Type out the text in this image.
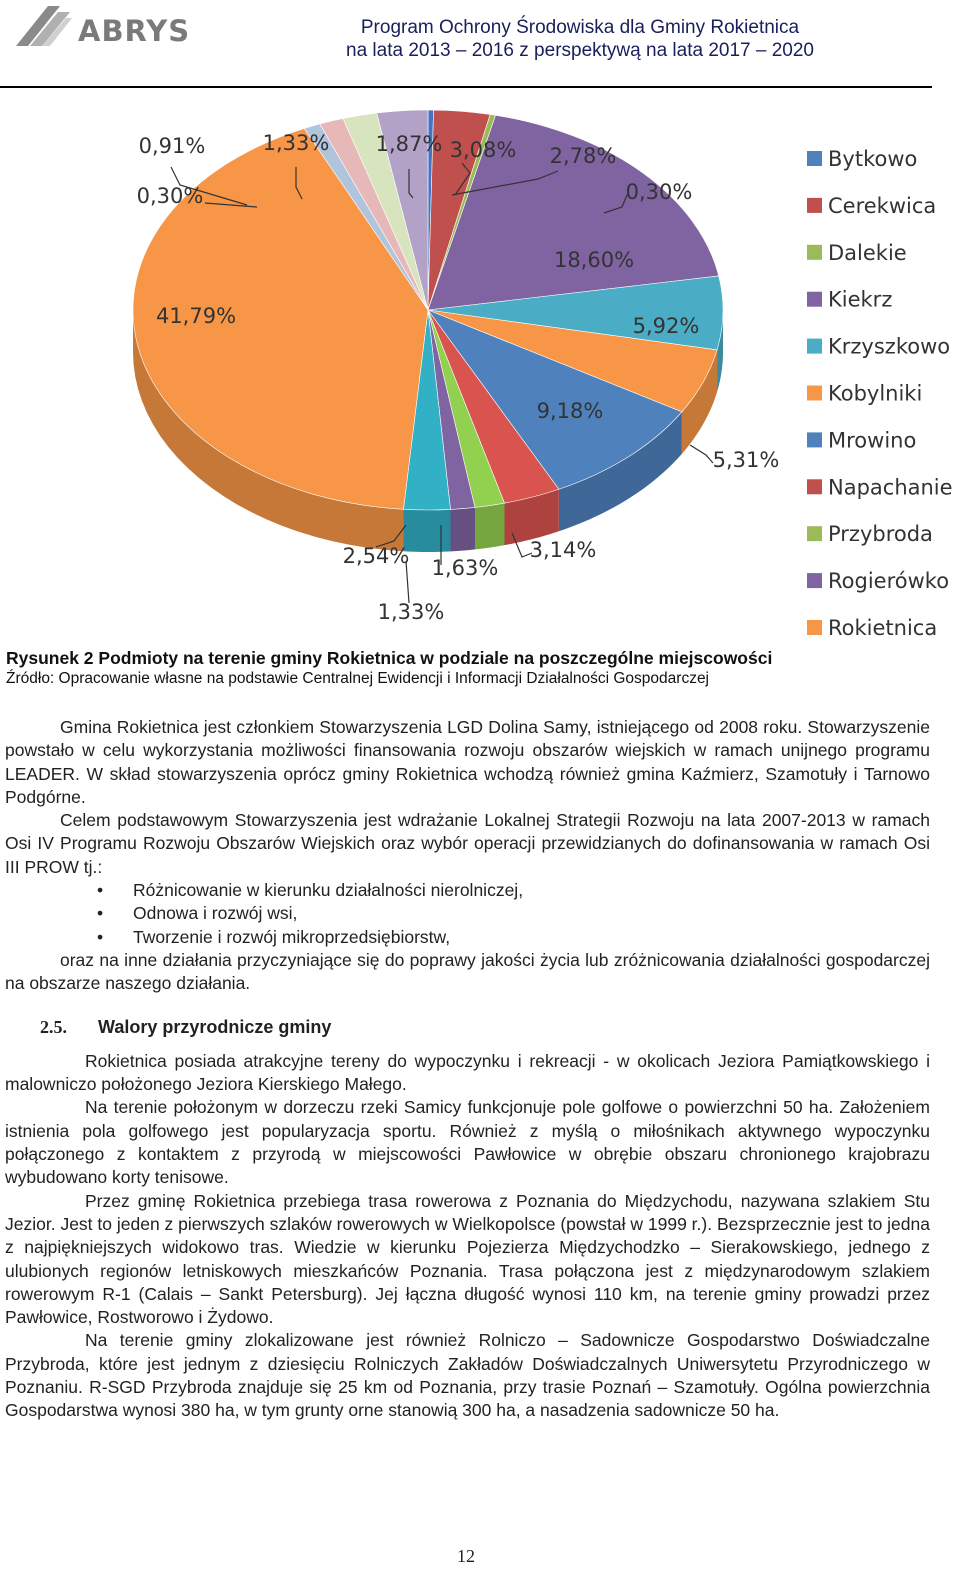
ABRYS	Program Ochrony Środowiska dla Gminy Rokietnica
na lata 2013 – 2016 z perspektywą na lata 2017 – 2020
0,30%
3,08%
0,30%
18,60%
5,92%
5,31%
9,18%
3,14%
1,63%
1,33%
2,54%
41,79%
0,91%	1,33% 1,87%	2,78%	Bytkowo
Cerekwica
Dalekie
Kiekrz
Krzyszkowo
Kobylniki
Mrowino
Napachanie
Przybroda
Rogierówko
Rokietnica
Rysunek 2 Podmioty na terenie gminy Rokietnica w podziale na poszczególne miejscowości
Źródło: Opracowanie własne na podstawie Centralnej Ewidencji i Informacji Działalności Gospodarczej

Gmina Rokietnica jest członkiem Stowarzyszenia LGD Dolina Samy, istniejącego od 2008 roku. Stowarzyszenie powstało w celu wykorzystania możliwości finansowania rozwoju obszarów wiejskich w ramach unijnego programu LEADER. W skład stowarzyszenia oprócz gminy Rokietnica wchodzą również gmina Kaźmierz, Szamotuły i Tarnowo Podgórne.

Celem podstawowym Stowarzyszenia jest wdrażanie Lokalnej Strategii Rozwoju na lata 2007-2013 w ramach Osi IV Programu Rozwoju Obszarów Wiejskich oraz wybór operacji przewidzianych do dofinansowania w ramach Osi III PROW tj.:

• Różnicowanie w kierunku działalności nierolniczej,
• Odnowa i rozwój wsi,
• Tworzenie i rozwój mikroprzedsiębiorstw,

oraz na inne działania przyczyniające się do poprawy jakości życia lub zróżnicowania działalności gospodarczej na obszarze naszego działania.

2.5. Walory przyrodnicze gminy

Rokietnica posiada atrakcyjne tereny do wypoczynku i rekreacji - w okolicach Jeziora Pamiątkowskiego i malowniczo położonego Jeziora Kierskiego Małego.

Na terenie położonym w dorzeczu rzeki Samicy funkcjonuje pole golfowe o powierzchni 50 ha. Założeniem istnienia pola golfowego jest popularyzacja sportu. Również z myślą o miłośnikach aktywnego wypoczynku połączonego z kontaktem z przyrodą w miejscowości Pawłowice w obrębie obszaru chronionego krajobrazu wybudowano korty tenisowe.

Przez gminę Rokietnica przebiega trasa rowerowa z Poznania do Międzychodu, nazywana szlakiem Stu Jezior. Jest to jeden z pierwszych szlaków rowerowych w Wielkopolsce (powstał w 1999 r.). Bezsprzecznie jest to jedna z najpiękniejszych widokowo tras. Wiedzie w kierunku Pojezierza Międzychodzko – Sierakowskiego, jednego z ulubionych regionów letniskowych mieszkańców Poznania. Trasa połączona jest z międzynarodowym szlakiem rowerowym R-1 (Calais – Sankt Petersburg). Jej łączna długość wynosi 110 km, na terenie gminy prowadzi przez Pawłowice, Rostworowo i Żydowo.

Na terenie gminy zlokalizowane jest również Rolniczo – Sadownicze Gospodarstwo Doświadczalne Przybroda, które jest jednym z dziesięciu Rolniczych Zakładów Doświadczalnych Uniwersytetu Przyrodniczego w Poznaniu. R-SGD Przybroda znajduje się 25 km od Poznania, przy trasie Poznań – Szamotuły. Ogólna powierzchnia Gospodarstwa wynosi 380 ha, w tym grunty orne stanowią 300 ha, a nasadzenia sadownicze 50 ha.

12
